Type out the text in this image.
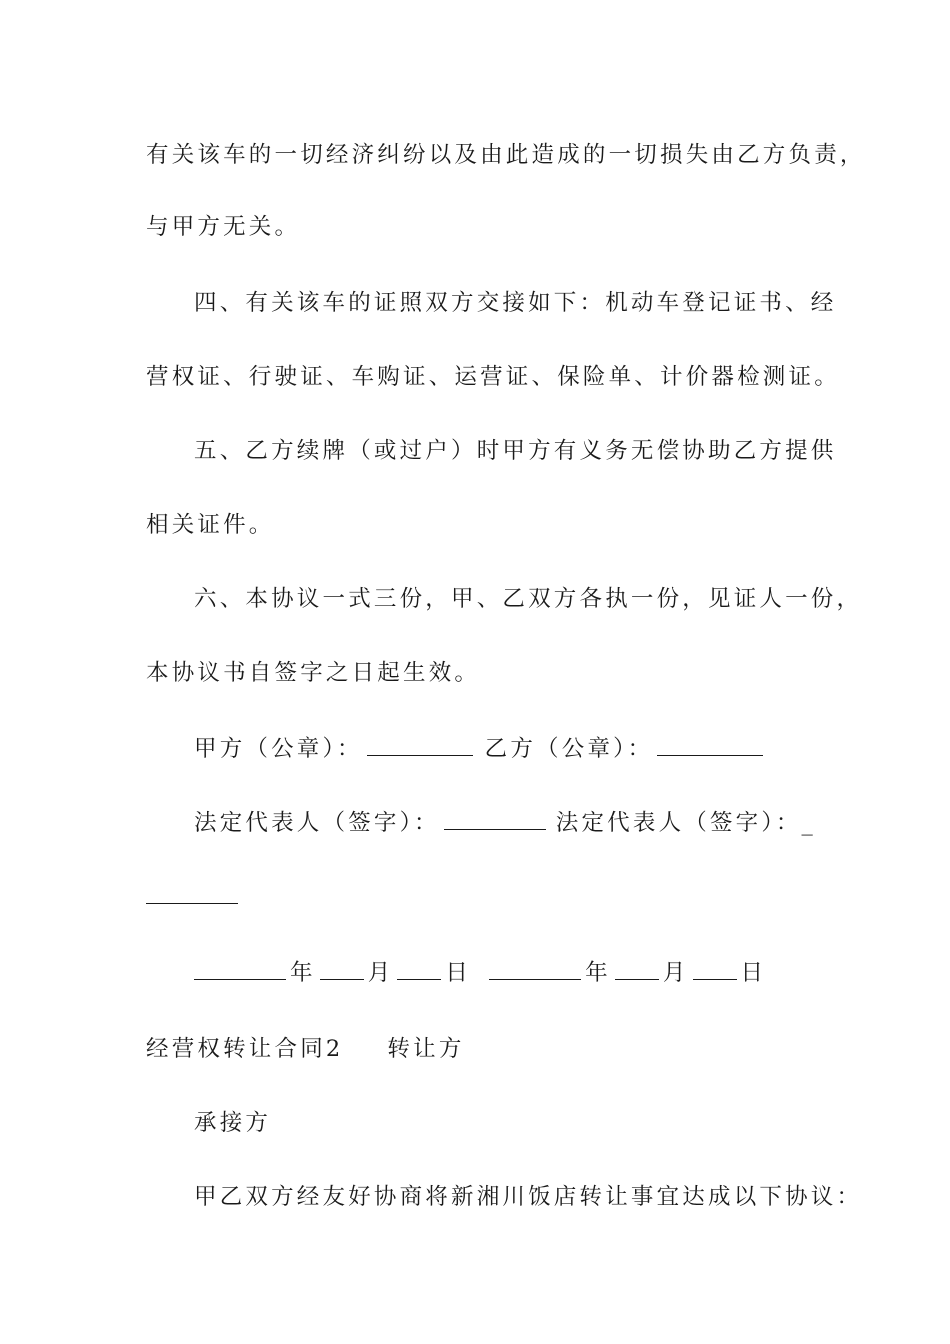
有关该车的一切经济纠纷以及由此造成的一切损失由乙方负责，
与甲方无关。
四、有关该车的证照双方交接如下：机动车登记证书、经
营权证、行驶证、车购证、运营证、保险单、计价器检测证。
五、乙方续牌（或过户）时甲方有义务无偿协助乙方提供
相关证件。
六、本协议一式三份，甲、乙双方各执一份，见证人一份，
本协议书自签字之日起生效。
甲方（公章）：	乙方（公章）：
法定代表人（签字）：	法定代表人（签字）：_
年 月 日	年 月 日
经营权转让合同2 转让方
承接方
甲乙双方经友好协商将新湘川饭店转让事宜达成以下协议：
